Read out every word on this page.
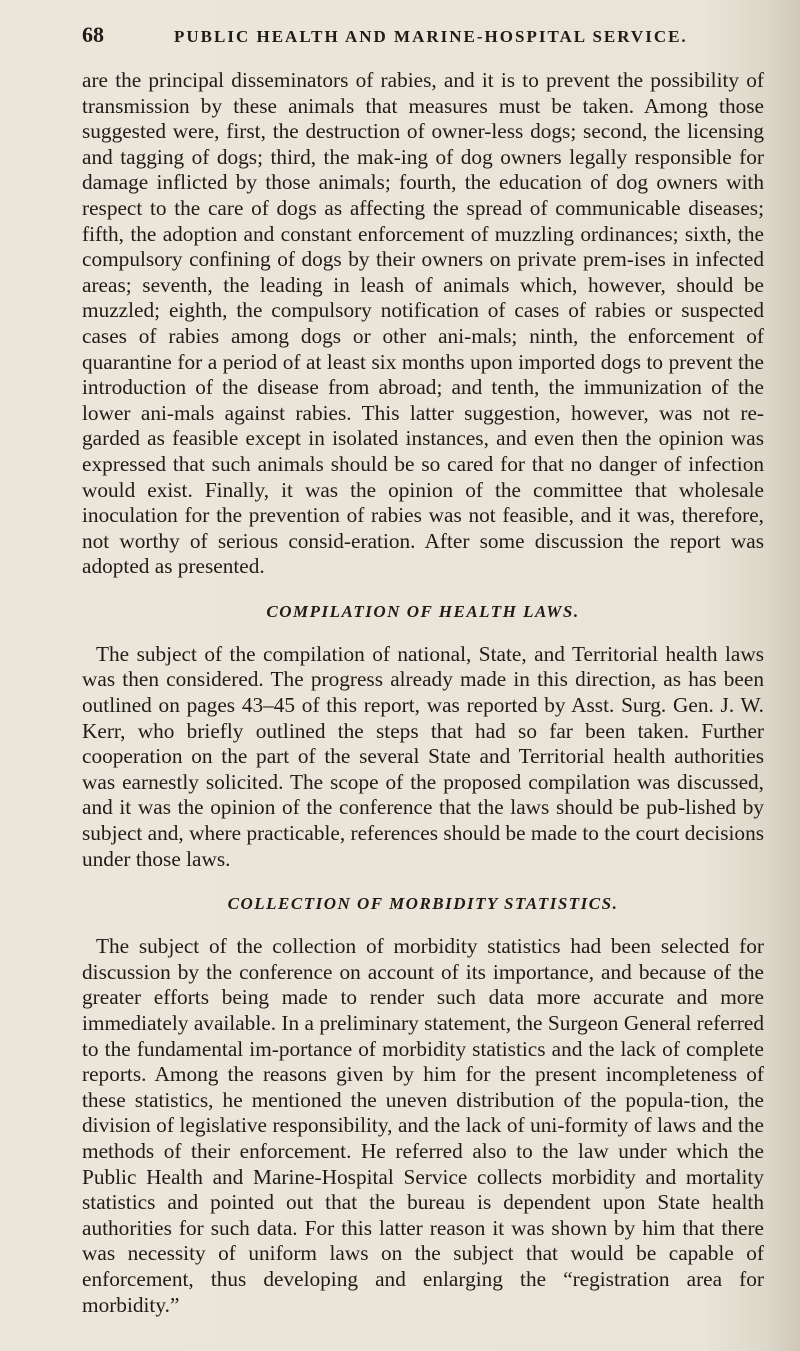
68	PUBLIC HEALTH AND MARINE-HOSPITAL SERVICE.

are the principal disseminators of rabies, and it is to prevent the possibility of transmission by these animals that measures must be taken. Among those suggested were, first, the destruction of owner-less dogs; second, the licensing and tagging of dogs; third, the mak-ing of dog owners legally responsible for damage inflicted by those animals; fourth, the education of dog owners with respect to the care of dogs as affecting the spread of communicable diseases; fifth, the adoption and constant enforcement of muzzling ordinances; sixth, the compulsory confining of dogs by their owners on private prem-ises in infected areas; seventh, the leading in leash of animals which, however, should be muzzled; eighth, the compulsory notification of cases of rabies or suspected cases of rabies among dogs or other ani-mals; ninth, the enforcement of quarantine for a period of at least six months upon imported dogs to prevent the introduction of the disease from abroad; and tenth, the immunization of the lower ani-mals against rabies. This latter suggestion, however, was not re-garded as feasible except in isolated instances, and even then the opinion was expressed that such animals should be so cared for that no danger of infection would exist. Finally, it was the opinion of the committee that wholesale inoculation for the prevention of rabies was not feasible, and it was, therefore, not worthy of serious consid-eration. After some discussion the report was adopted as presented.

COMPILATION OF HEALTH LAWS.

The subject of the compilation of national, State, and Territorial health laws was then considered. The progress already made in this direction, as has been outlined on pages 43–45 of this report, was reported by Asst. Surg. Gen. J. W. Kerr, who briefly outlined the steps that had so far been taken. Further cooperation on the part of the several State and Territorial health authorities was earnestly solicited. The scope of the proposed compilation was discussed, and it was the opinion of the conference that the laws should be pub-lished by subject and, where practicable, references should be made to the court decisions under those laws.

COLLECTION OF MORBIDITY STATISTICS.

The subject of the collection of morbidity statistics had been selected for discussion by the conference on account of its importance, and because of the greater efforts being made to render such data more accurate and more immediately available. In a preliminary statement, the Surgeon General referred to the fundamental im-portance of morbidity statistics and the lack of complete reports. Among the reasons given by him for the present incompleteness of these statistics, he mentioned the uneven distribution of the popula-tion, the division of legislative responsibility, and the lack of uni-formity of laws and the methods of their enforcement. He referred also to the law under which the Public Health and Marine-Hospital Service collects morbidity and mortality statistics and pointed out that the bureau is dependent upon State health authorities for such data. For this latter reason it was shown by him that there was necessity of uniform laws on the subject that would be capable of enforcement, thus developing and enlarging the “registration area for morbidity.”
